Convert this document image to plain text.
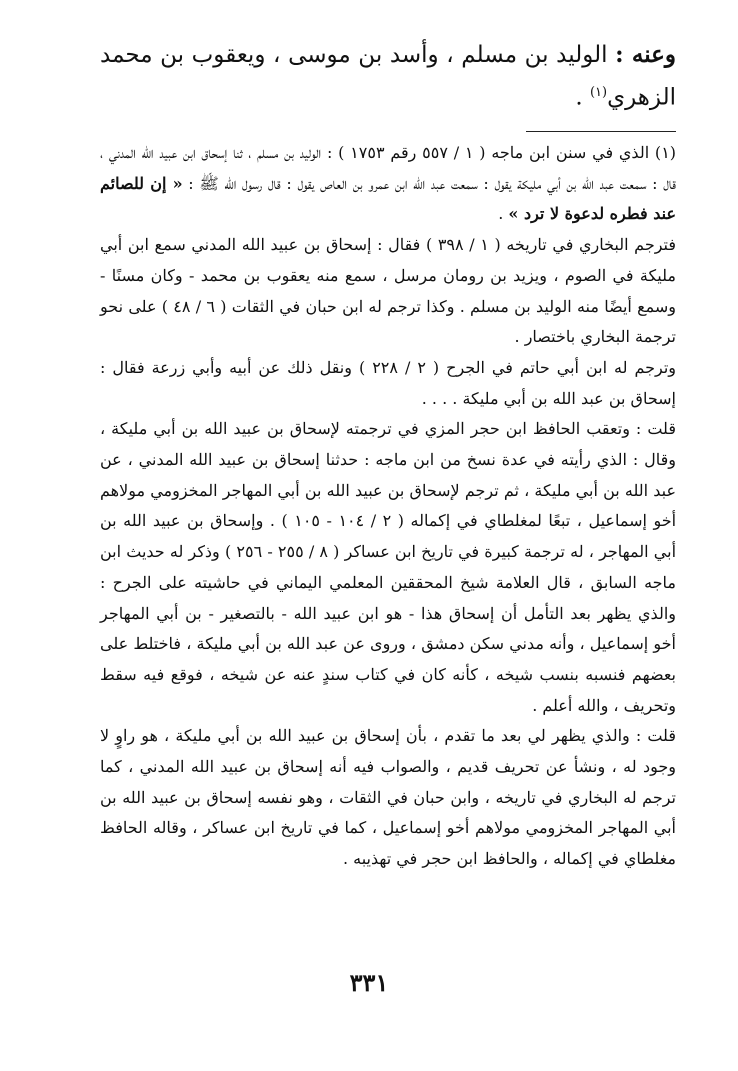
وعنه : الوليد بن مسلم ، وأسد بن موسى ، ويعقوب بن محمد الزهري$^{(١)}$ .

(١) الذي في سنن ابن ماجه ( ١ / ٥٥٧ رقم ١٧٥٣ ) : الوليد بن مسلم ، ثنا إسحاق ابن عبيد الله المدني ، قال : سمعت عبد الله بن أبي مليكة يقول : سمعت عبد الله ابن عمرو بن العاص يقول : قال رسول الله ﷺ : « إن للصائم عند فطره لدعوة لا ترد » .

فترجم البخاري في تاريخه ( ١ / ٣٩٨ ) فقال : إسحاق بن عبيد الله المدني سمع ابن أبي مليكة في الصوم ، ويزيد بن رومان مرسل ، سمع منه يعقوب بن محمد - وكان مسنًا - وسمع أيضًا منه الوليد بن مسلم . وكذا ترجم له ابن حبان في الثقات ( ٦ / ٤٨ ) على نحو ترجمة البخاري باختصار .

وترجم له ابن أبي حاتم في الجرح ( ٢ / ٢٢٨ ) ونقل ذلك عن أبيه وأبي زرعة فقال : إسحاق بن عبد الله بن أبي مليكة . . . .

قلت : وتعقب الحافظ ابن حجر المزي في ترجمته لإسحاق بن عبيد الله بن أبي مليكة ، وقال : الذي رأيته في عدة نسخ من ابن ماجه : حدثنا إسحاق بن عبيد الله المدني ، عن عبد الله بن أبي مليكة ، ثم ترجم لإسحاق بن عبيد الله بن أبي المهاجر المخزومي مولاهم أخو إسماعيل ، تبعًا لمغلطاي في إكماله ( ٢ / ١٠٤ - ١٠٥ ) . وإسحاق بن عبيد الله بن أبي المهاجر ، له ترجمة كبيرة في تاريخ ابن عساكر ( ٨ / ٢٥٥ - ٢٥٦ ) وذكر له حديث ابن ماجه السابق ، قال العلامة شيخ المحققين المعلمي اليماني في حاشيته على الجرح : والذي يظهر بعد التأمل أن إسحاق هذا - هو ابن عبيد الله - بالتصغير - بن أبي المهاجر أخو إسماعيل ، وأنه مدني سكن دمشق ، وروى عن عبد الله بن أبي مليكة ، فاختلط على بعضهم فنسبه بنسب شيخه ، كأنه كان في كتاب سندٍ عنه عن شيخه ، فوقع فيه سقط وتحريف ، والله أعلم .

قلت : والذي يظهر لي بعد ما تقدم ، بأن إسحاق بن عبيد الله بن أبي مليكة ، هو راوٍ لا وجود له ، ونشأ عن تحريف قديم ، والصواب فيه أنه إسحاق بن عبيد الله المدني ، كما ترجم له البخاري في تاريخه ، وابن حبان في الثقات ، وهو نفسه إسحاق بن عبيد الله بن أبي المهاجر المخزومي مولاهم أخو إسماعيل ، كما في تاريخ ابن عساكر ، وقاله الحافظ مغلطاي في إكماله ، والحافظ ابن حجر في تهذيبه .

٣٣١
